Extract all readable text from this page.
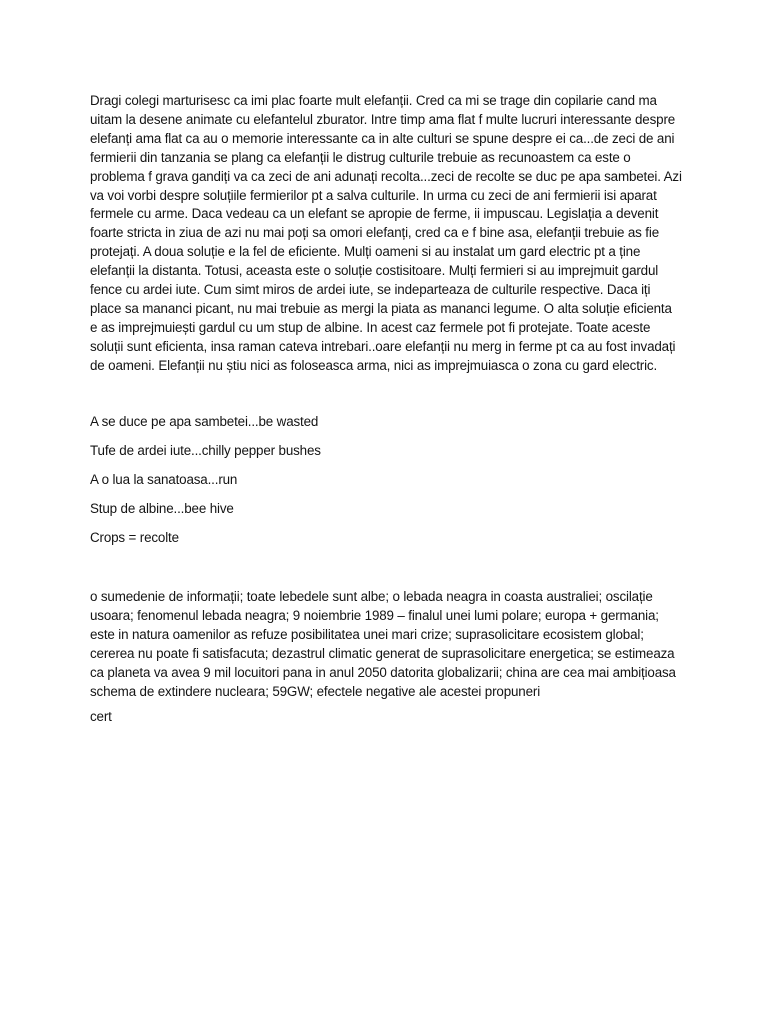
Dragi colegi marturisesc ca imi plac foarte mult elefanții. Cred ca mi se trage din copilarie cand ma uitam la desene animate cu elefantelul zburator. Intre timp ama flat f multe lucruri interessante despre elefanți ama flat ca au o memorie interessante ca in alte culturi se spune despre ei ca...de zeci de ani fermierii din tanzania se plang ca elefanții le distrug culturile trebuie as recunoastem ca este o problema f grava gandiți va ca zeci de ani adunați recolta...zeci de recolte se duc pe apa sambetei. Azi va voi vorbi despre soluțiile fermierilor pt a salva culturile. In urma cu zeci de ani fermierii isi aparat fermele cu arme. Daca vedeau ca un elefant se apropie de ferme, ii impuscau. Legislația a devenit foarte stricta in ziua de azi nu mai poți sa omori elefanți, cred ca e f bine asa, elefanții trebuie as fie protejați. A doua soluție e la fel de eficiente. Mulți oameni si au instalat um gard electric pt a ține elefanții la distanta. Totusi, aceasta este o soluție costisitoare. Mulți fermieri si au imprejmuit gardul fence cu ardei iute. Cum simt miros de ardei iute, se indeparteaza de culturile respective. Daca iți place sa mananci picant, nu mai trebuie as mergi la piata as mananci legume. O alta soluție eficienta e as imprejmuiești gardul cu um stup de albine. In acest caz fermele pot fi protejate. Toate aceste soluții sunt eficienta, insa raman cateva intrebari..oare elefanții nu merg in ferme pt ca au fost invadați de oameni. Elefanții nu știu nici as foloseasca arma, nici as imprejmuiasca o zona cu gard electric.

A se duce pe apa sambetei...be wasted

Tufe de ardei iute...chilly pepper bushes

A o lua la sanatoasa...run

Stup de albine...bee hive

Crops = recolte

o sumedenie de informații; toate lebedele sunt albe; o lebada neagra in coasta australiei; oscilație usoara; fenomenul lebada neagra; 9 noiembrie 1989 – finalul unei lumi polare; europa + germania; este in natura oamenilor as refuze posibilitatea unei mari crize; suprasolicitare ecosistem global; cererea nu poate fi satisfacuta; dezastrul climatic generat de suprasolicitare energetica; se estimeaza ca planeta va avea 9 mil locuitori pana in anul 2050 datorita globalizarii; china are cea mai ambițioasa schema de extindere nucleara; 59GW; efectele negative ale acestei propuneri

cert
